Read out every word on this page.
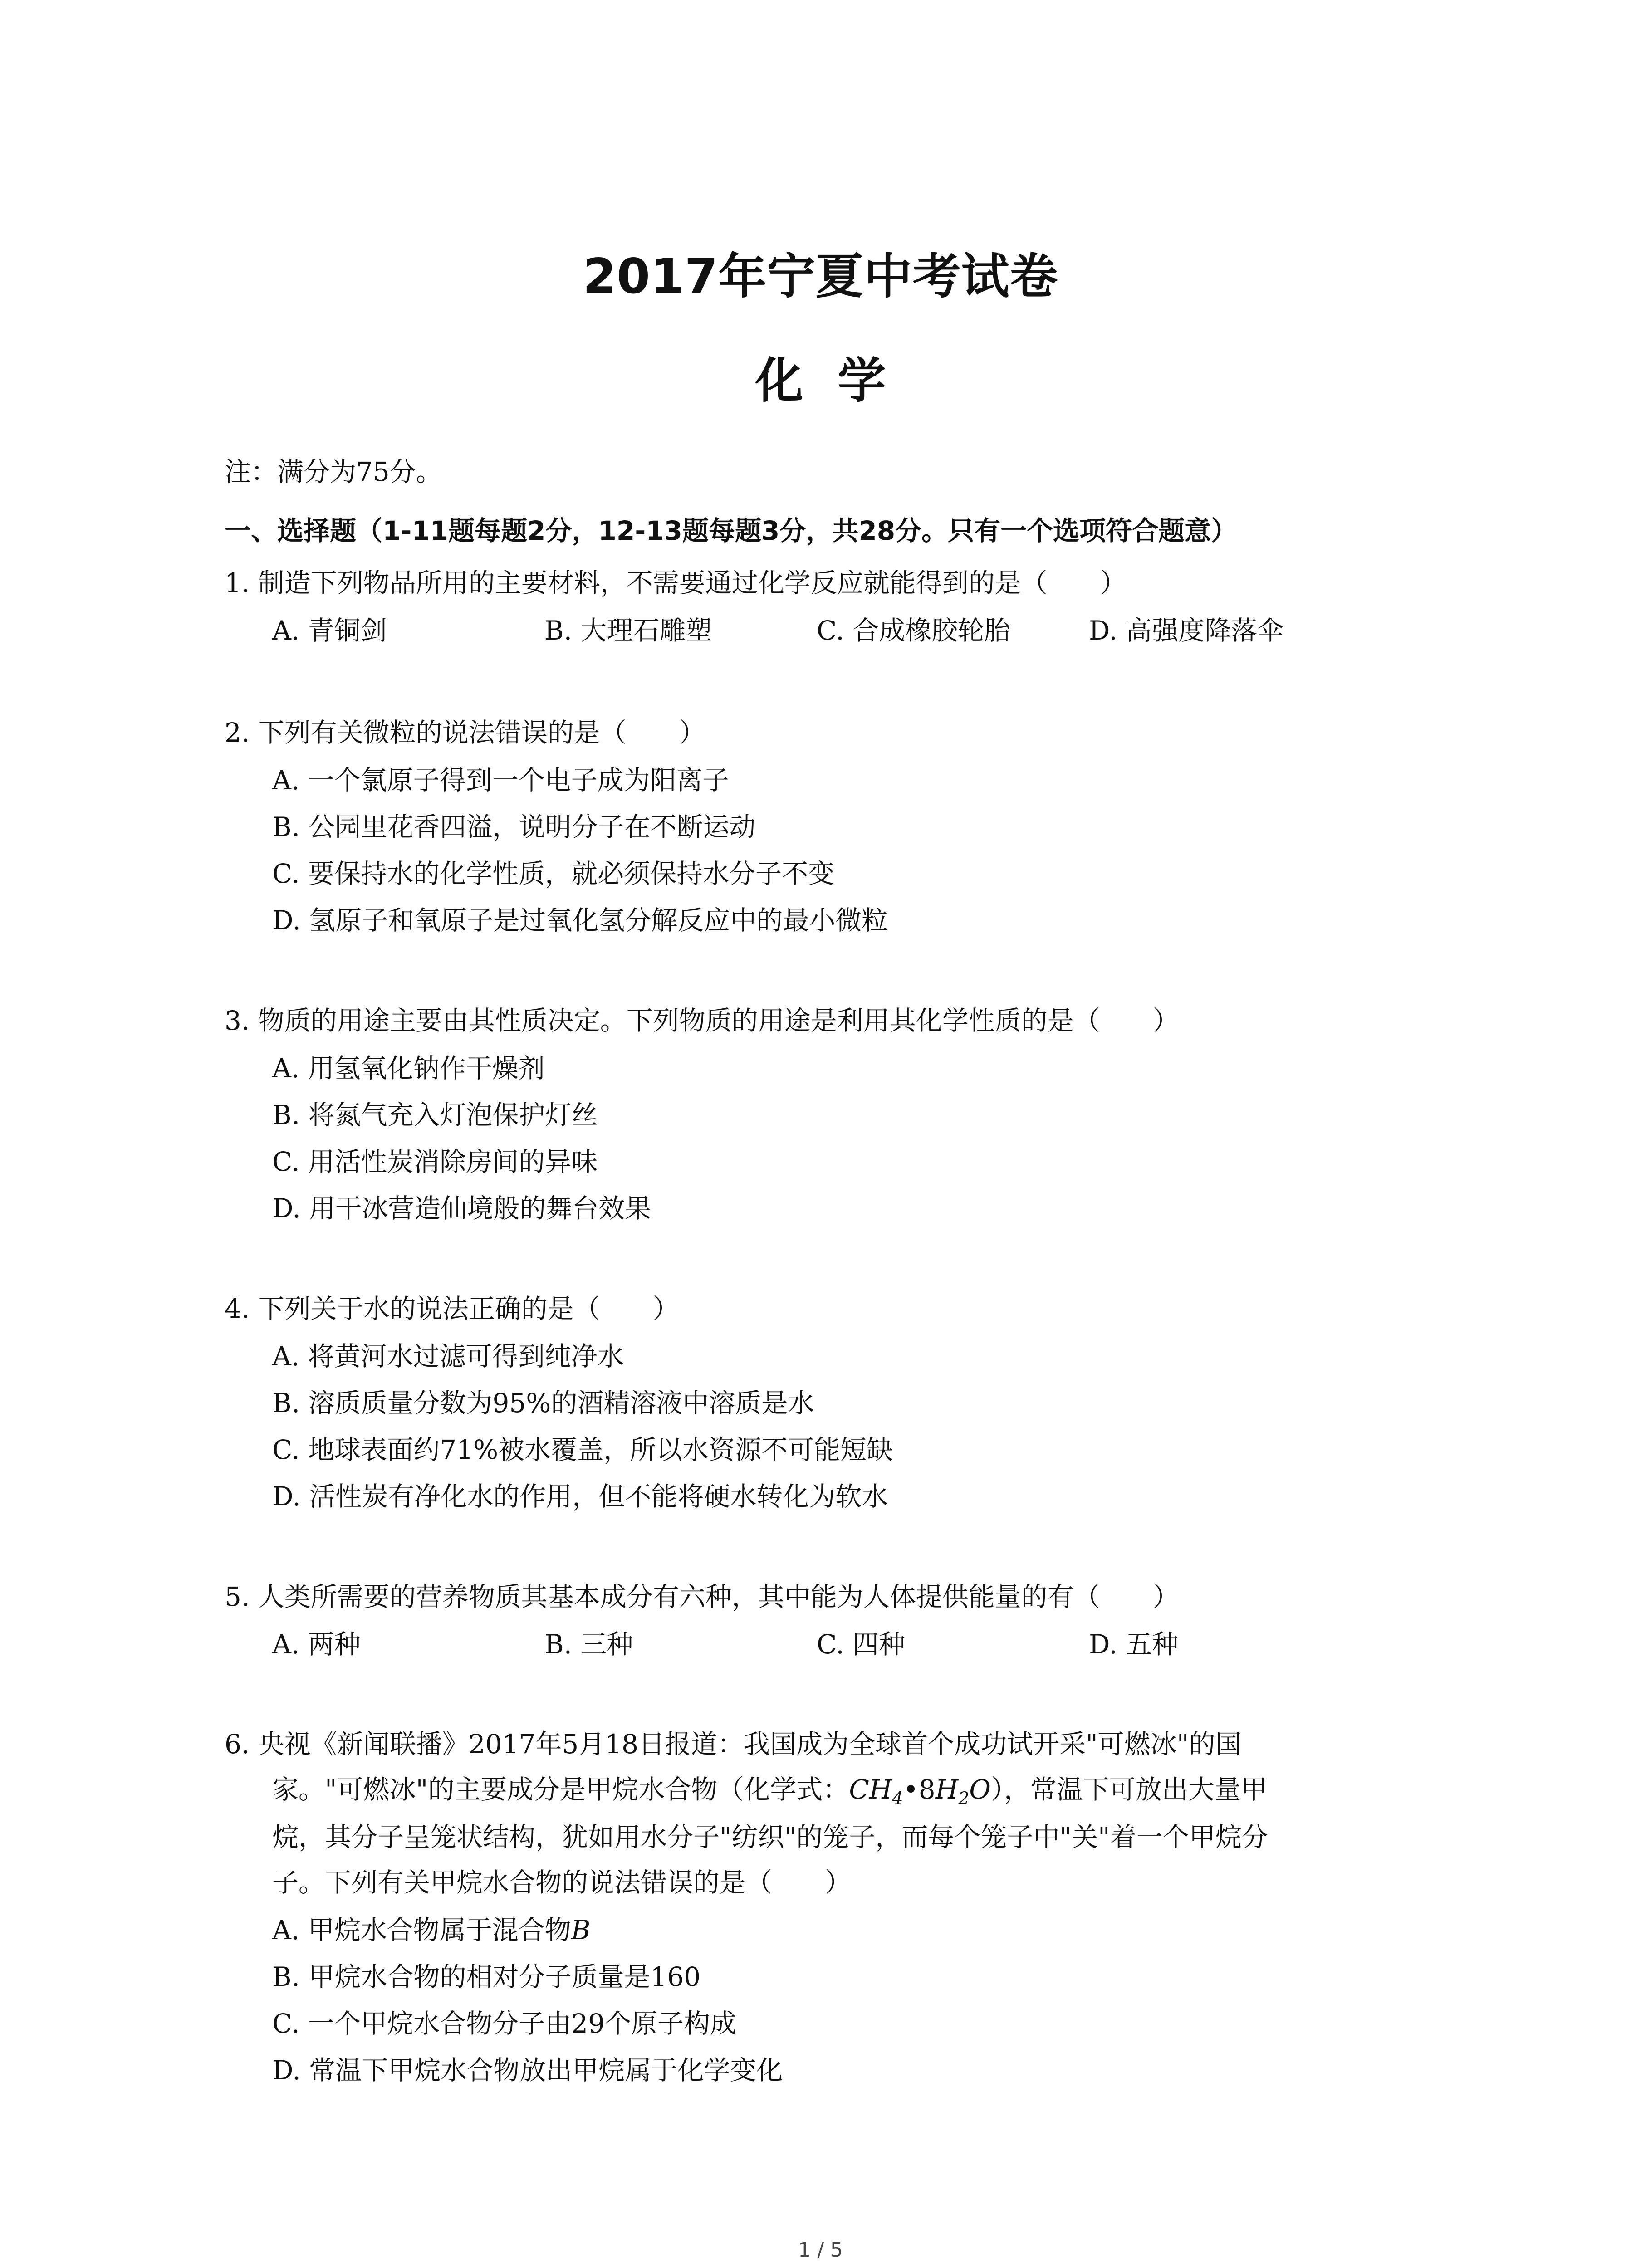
2017年宁夏中考试卷
化学
注：满分为75分。
一、选择题（1-11题每题2分，12-13题每题3分，共28分。只有一个选项符合题意）
1. 制造下列物品所用的主要材料，不需要通过化学反应就能得到的是（　　）
A. 青铜剑	B. 大理石雕塑	C. 合成橡胶轮胎	D. 高强度降落伞
2. 下列有关微粒的说法错误的是（　　）
A. 一个氯原子得到一个电子成为阳离子
B. 公园里花香四溢，说明分子在不断运动
C. 要保持水的化学性质，就必须保持水分子不变
D. 氢原子和氧原子是过氧化氢分解反应中的最小微粒
3. 物质的用途主要由其性质决定。下列物质的用途是利用其化学性质的是（　　）
A. 用氢氧化钠作干燥剂
B. 将氮气充入灯泡保护灯丝
C. 用活性炭消除房间的异味
D. 用干冰营造仙境般的舞台效果
4. 下列关于水的说法正确的是（　　）
A. 将黄河水过滤可得到纯净水
B. 溶质质量分数为95%的酒精溶液中溶质是水
C. 地球表面约71%被水覆盖，所以水资源不可能短缺
D. 活性炭有净化水的作用，但不能将硬水转化为软水
5. 人类所需要的营养物质其基本成分有六种，其中能为人体提供能量的有（　　）
A. 两种	B. 三种	C. 四种	D. 五种
6. 央视《新闻联播》2017年5月18日报道：我国成为全球首个成功试开采"可燃冰"的国
家。"可燃冰"的主要成分是甲烷水合物（化学式：$CH_4•8H_2O$），常温下可放出大量甲
烷，其分子呈笼状结构，犹如用水分子"纺织"的笼子，而每个笼子中"关"着一个甲烷分
子。下列有关甲烷水合物的说法错误的是（　　）
A. 甲烷水合物属于混合物B
B. 甲烷水合物的相对分子质量是160
C. 一个甲烷水合物分子由29个原子构成
D. 常温下甲烷水合物放出甲烷属于化学变化
1 / 5
